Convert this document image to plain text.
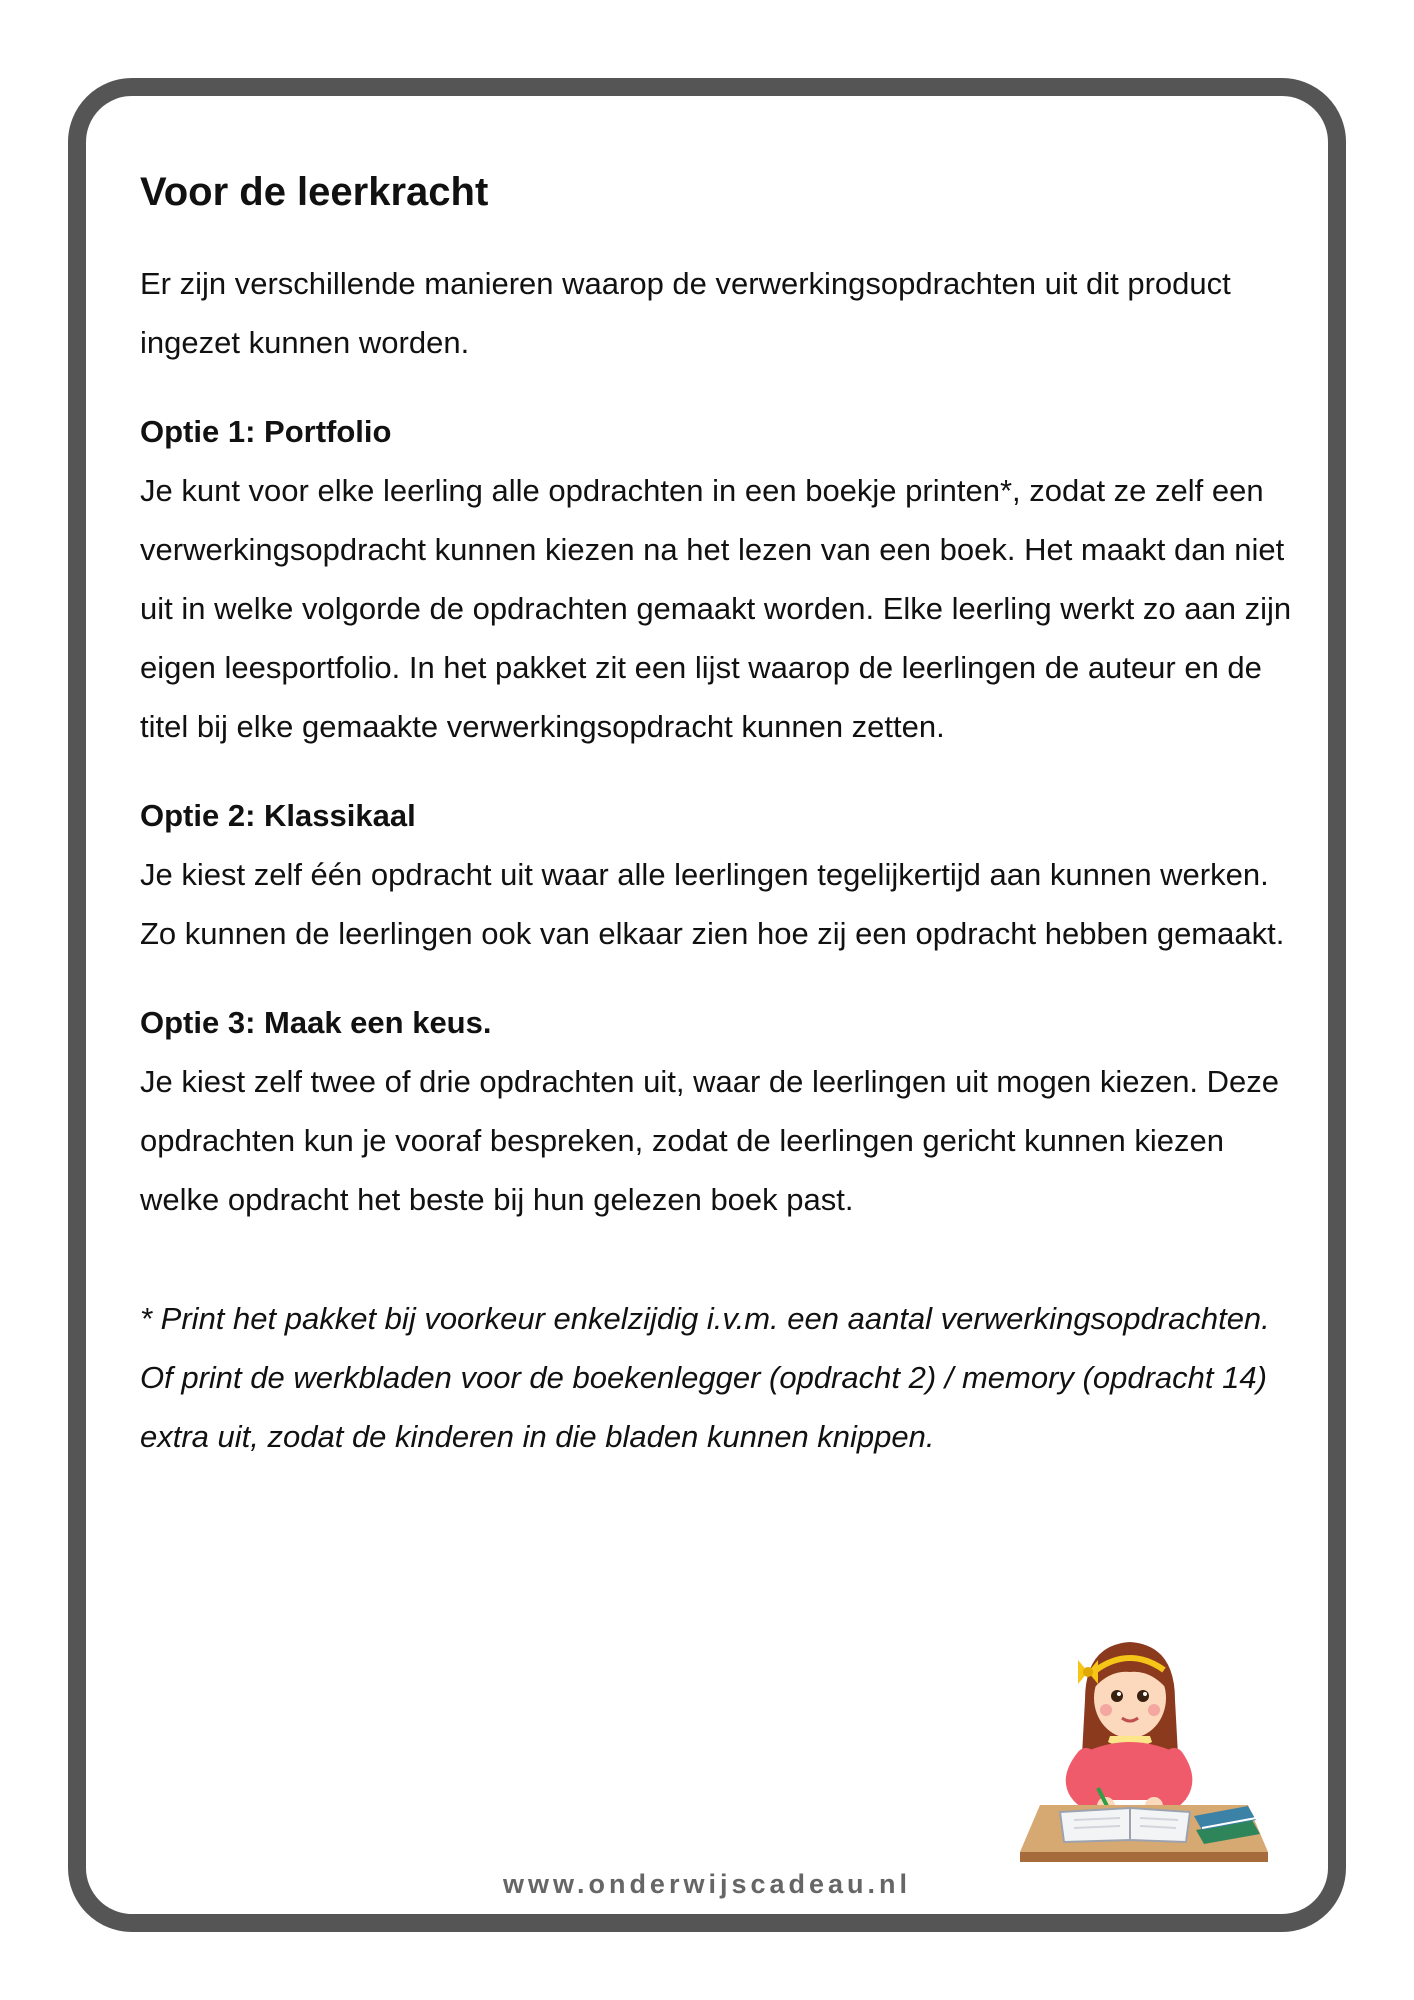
Voor de leerkracht

Er zijn verschillende manieren waarop de verwerkingsopdrachten uit dit product ingezet kunnen worden.

Optie 1: Portfolio

Je kunt voor elke leerling alle opdrachten in een boekje printen*, zodat ze zelf een verwerkingsopdracht kunnen kiezen na het lezen van een boek. Het maakt dan niet uit in welke volgorde de opdrachten gemaakt worden. Elke leerling werkt zo aan zijn eigen leesportfolio. In het pakket zit een lijst waarop de leerlingen de auteur en de titel bij elke gemaakte verwerkingsopdracht kunnen zetten.

Optie 2: Klassikaal

Je kiest zelf één opdracht uit waar alle leerlingen tegelijkertijd aan kunnen werken. Zo kunnen de leerlingen ook van elkaar zien hoe zij een opdracht hebben gemaakt.

Optie 3: Maak een keus.

Je kiest zelf twee of drie opdrachten uit, waar de leerlingen uit mogen kiezen. Deze opdrachten kun je vooraf bespreken, zodat de leerlingen gericht kunnen kiezen welke opdracht het beste bij hun gelezen boek past.

* Print het pakket bij voorkeur enkelzijdig i.v.m. een aantal verwerkingsopdrachten. Of print de werkbladen voor de boekenlegger (opdracht 2) / memory (opdracht 14) extra uit, zodat de kinderen in die bladen kunnen knippen.

www.onderwijscadeau.nl
